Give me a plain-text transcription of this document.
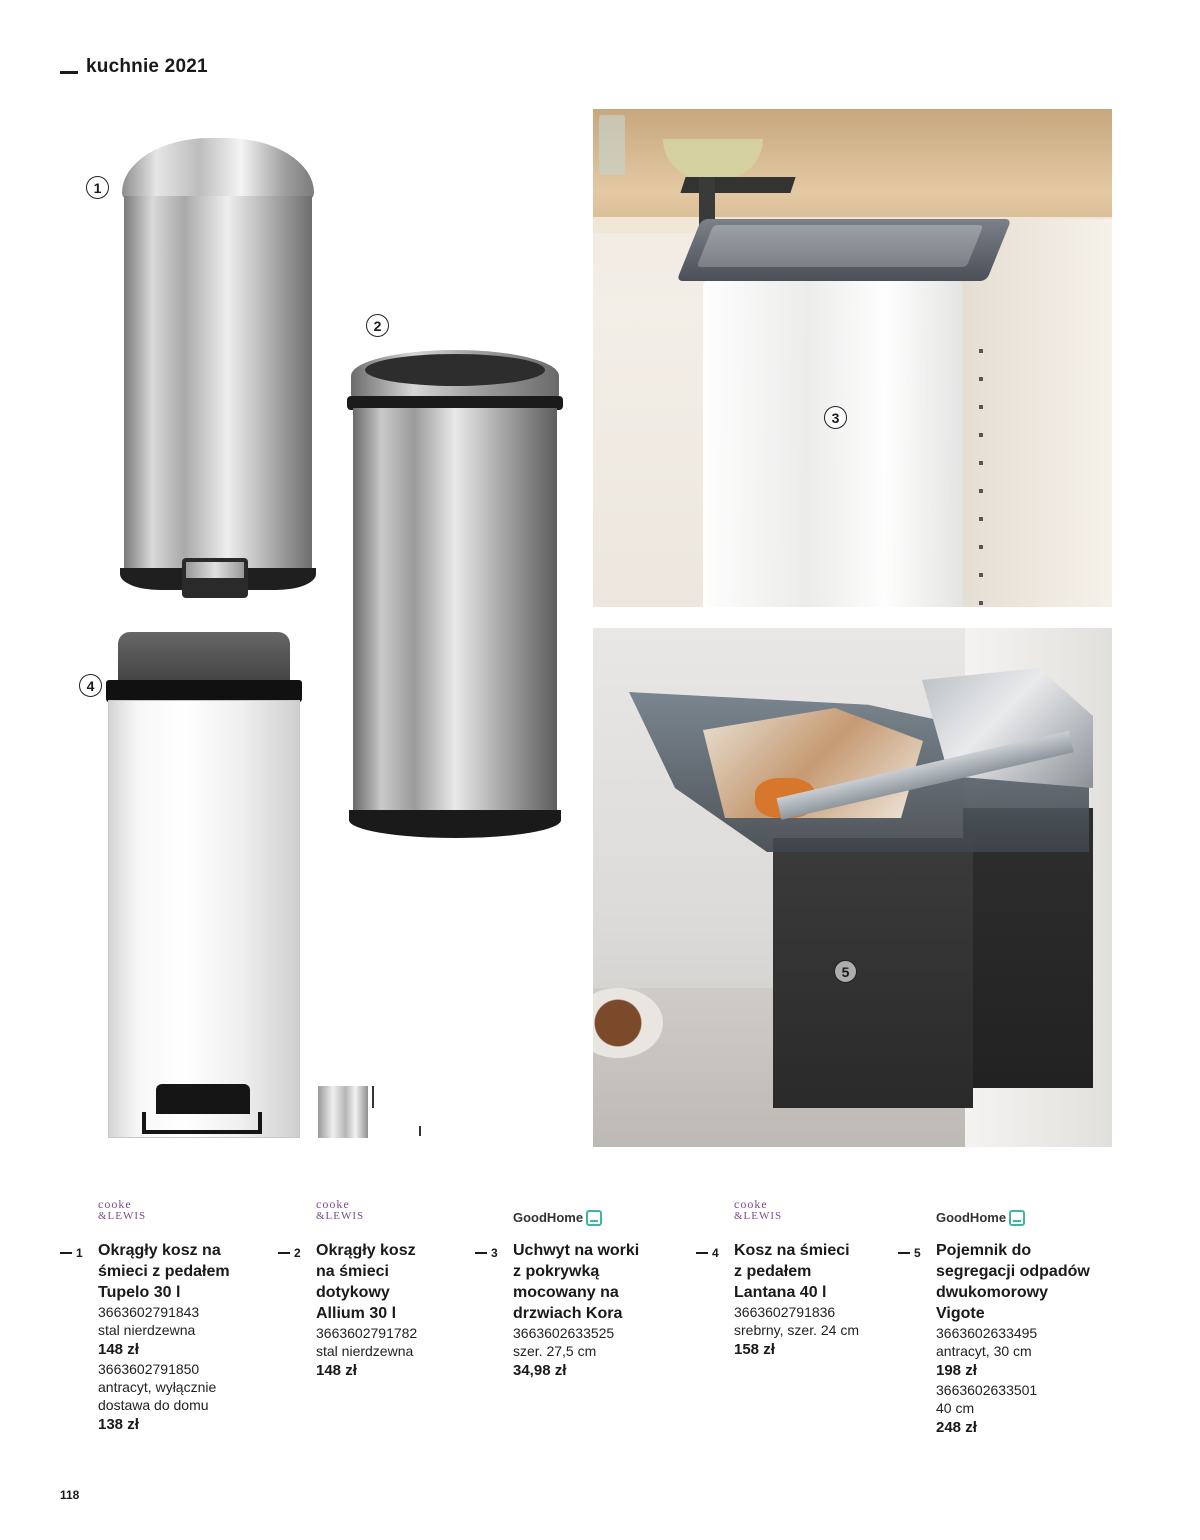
kuchnie 2021
1
2
4
3
5
cooke
&LEWIS
cooke
&LEWIS	GoodHome
cooke
&LEWIS	GoodHome
1 Okrągły kosz na
śmieci z pedałem
Tupelo 30 l
3663602791843
stal nierdzewna
148 zł
3663602791850
antracyt, wyłącznie
dostawa do domu
138 zł
2 Okrągły kosz
na śmieci
dotykowy
Allium 30 l
3663602791782
stal nierdzewna
148 zł
3 Uchwyt na worki
z pokrywką
mocowany na
drzwiach Kora
3663602633525
szer. 27,5 cm
34,98 zł
4 Kosz na śmieci
z pedałem
Lantana 40 l
3663602791836
srebrny, szer. 24 cm
158 zł
5 Pojemnik do
segregacji odpadów
dwukomorowy
Vigote
3663602633495
antracyt, 30 cm
198 zł
3663602633501
40 cm
248 zł
118
